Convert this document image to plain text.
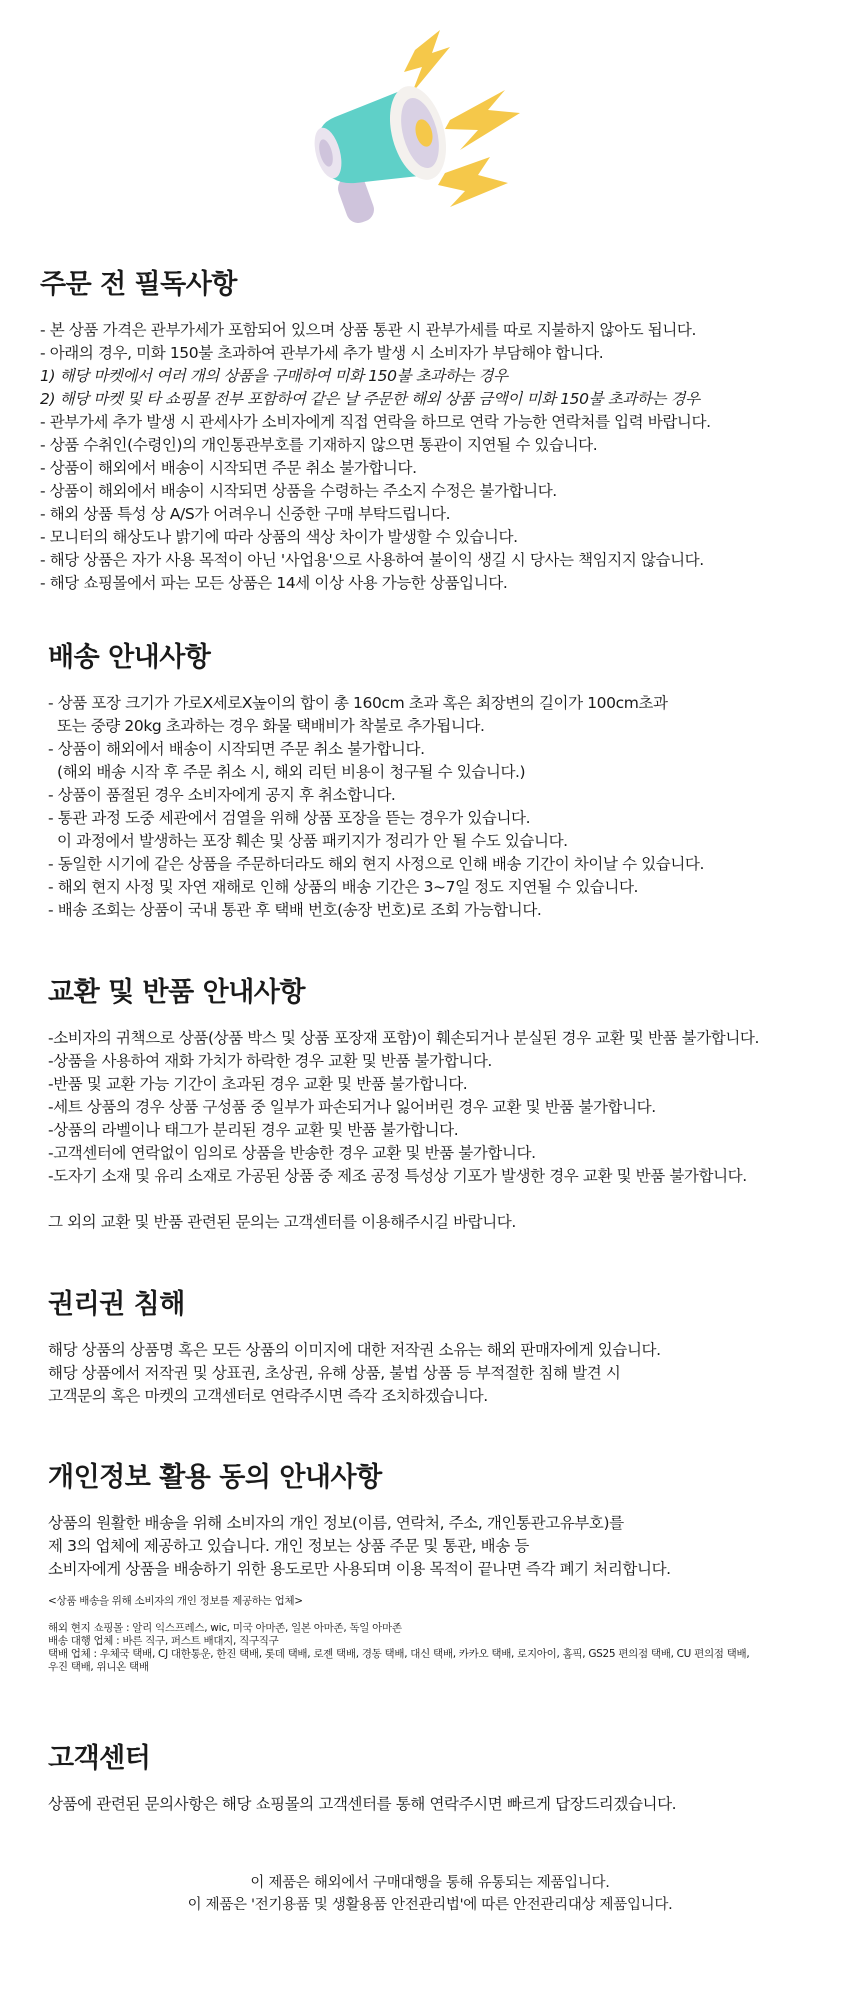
주문 전 필독사항
- 본 상품 가격은 관부가세가 포함되어 있으며 상품 통관 시 관부가세를 따로 지불하지 않아도 됩니다.
- 아래의 경우, 미화 150불 초과하여 관부가세 추가 발생 시 소비자가 부담해야 합니다.
1) 해당 마켓에서 여러 개의 상품을 구매하여 미화 150불 초과하는 경우
2) 해당 마켓 및 타 쇼핑몰 전부 포함하여 같은 날 주문한 해외 상품 금액이 미화 150불 초과하는 경우
- 관부가세 추가 발생 시 관세사가 소비자에게 직접 연락을 하므로 연락 가능한 연락처를 입력 바랍니다.
- 상품 수취인(수령인)의 개인통관부호를 기재하지 않으면 통관이 지연될 수 있습니다.
- 상품이 해외에서 배송이 시작되면 주문 취소 불가합니다.
- 상품이 해외에서 배송이 시작되면 상품을 수령하는 주소지 수정은 불가합니다.
- 해외 상품 특성 상 A/S가 어려우니 신중한 구매 부탁드립니다.
- 모니터의 해상도나 밝기에 따라 상품의 색상 차이가 발생할 수 있습니다.
- 해당 상품은 자가 사용 목적이 아닌 '사업용'으로 사용하여 불이익 생길 시 당사는 책임지지 않습니다.
- 해당 쇼핑몰에서 파는 모든 상품은 14세 이상 사용 가능한 상품입니다.
배송 안내사항
- 상품 포장 크기가 가로X세로X높이의 합이 총 160cm 초과 혹은 최장변의 길이가 100cm초과
또는 중량 20kg 초과하는 경우 화물 택배비가 착불로 추가됩니다.
- 상품이 해외에서 배송이 시작되면 주문 취소 불가합니다.
(해외 배송 시작 후 주문 취소 시, 해외 리턴 비용이 청구될 수 있습니다.)
- 상품이 품절된 경우 소비자에게 공지 후 취소합니다.
- 통관 과정 도중 세관에서 검열을 위해 상품 포장을 뜯는 경우가 있습니다.
이 과정에서 발생하는 포장 훼손 및 상품 패키지가 정리가 안 될 수도 있습니다.
- 동일한 시기에 같은 상품을 주문하더라도 해외 현지 사정으로 인해 배송 기간이 차이날 수 있습니다.
- 해외 현지 사정 및 자연 재해로 인해 상품의 배송 기간은 3~7일 정도 지연될 수 있습니다.
- 배송 조회는 상품이 국내 통관 후 택배 번호(송장 번호)로 조회 가능합니다.
교환 및 반품 안내사항
-소비자의 귀책으로 상품(상품 박스 및 상품 포장재 포함)이 훼손되거나 분실된 경우 교환 및 반품 불가합니다.
-상품을 사용하여 재화 가치가 하락한 경우 교환 및 반품 불가합니다.
-반품 및 교환 가능 기간이 초과된 경우 교환 및 반품 불가합니다.
-세트 상품의 경우 상품 구성품 중 일부가 파손되거나 잃어버린 경우 교환 및 반품 불가합니다.
-상품의 라벨이나 태그가 분리된 경우 교환 및 반품 불가합니다.
-고객센터에 연락없이 임의로 상품을 반송한 경우 교환 및 반품 불가합니다.
-도자기 소재 및 유리 소재로 가공된 상품 중 제조 공정 특성상 기포가 발생한 경우 교환 및 반품 불가합니다.
그 외의 교환 및 반품 관련된 문의는 고객센터를 이용해주시길 바랍니다.
권리권 침해
해당 상품의 상품명 혹은 모든 상품의 이미지에 대한 저작권 소유는 해외 판매자에게 있습니다.
해당 상품에서 저작권 및 상표권, 초상권, 유해 상품, 불법 상품 등 부적절한 침해 발견 시
고객문의 혹은 마켓의 고객센터로 연락주시면 즉각 조치하겠습니다.
개인정보 활용 동의 안내사항
상품의 원활한 배송을 위해 소비자의 개인 정보(이름, 연락처, 주소, 개인통관고유부호)를
제 3의 업체에 제공하고 있습니다. 개인 정보는 상품 주문 및 통관, 배송 등
소비자에게 상품을 배송하기 위한 용도로만 사용되며 이용 목적이 끝나면 즉각 폐기 처리합니다.
<상품 배송을 위해 소비자의 개인 정보를 제공하는 업체>
해외 현지 쇼핑몰 : 알리 익스프레스, wic, 미국 아마존, 일본 아마존, 독일 아마존
배송 대행 업체 : 바른 직구, 퍼스트 배대지, 직구직구
택배 업체 : 우체국 택배, CJ 대한통운, 한진 택배, 롯데 택배, 로젠 택배, 경동 택배, 대신 택배, 카카오 택배, 로지아이, 홈픽, GS25 편의점 택배, CU 편의점 택배,
우진 택배, 위니온 택배
고객센터
상품에 관련된 문의사항은 해당 쇼핑몰의 고객센터를 통해 연락주시면 빠르게 답장드리겠습니다.
이 제품은 해외에서 구매대행을 통해 유통되는 제품입니다.
이 제품은 '전기용품 및 생활용품 안전관리법'에 따른 안전관리대상 제품입니다.
